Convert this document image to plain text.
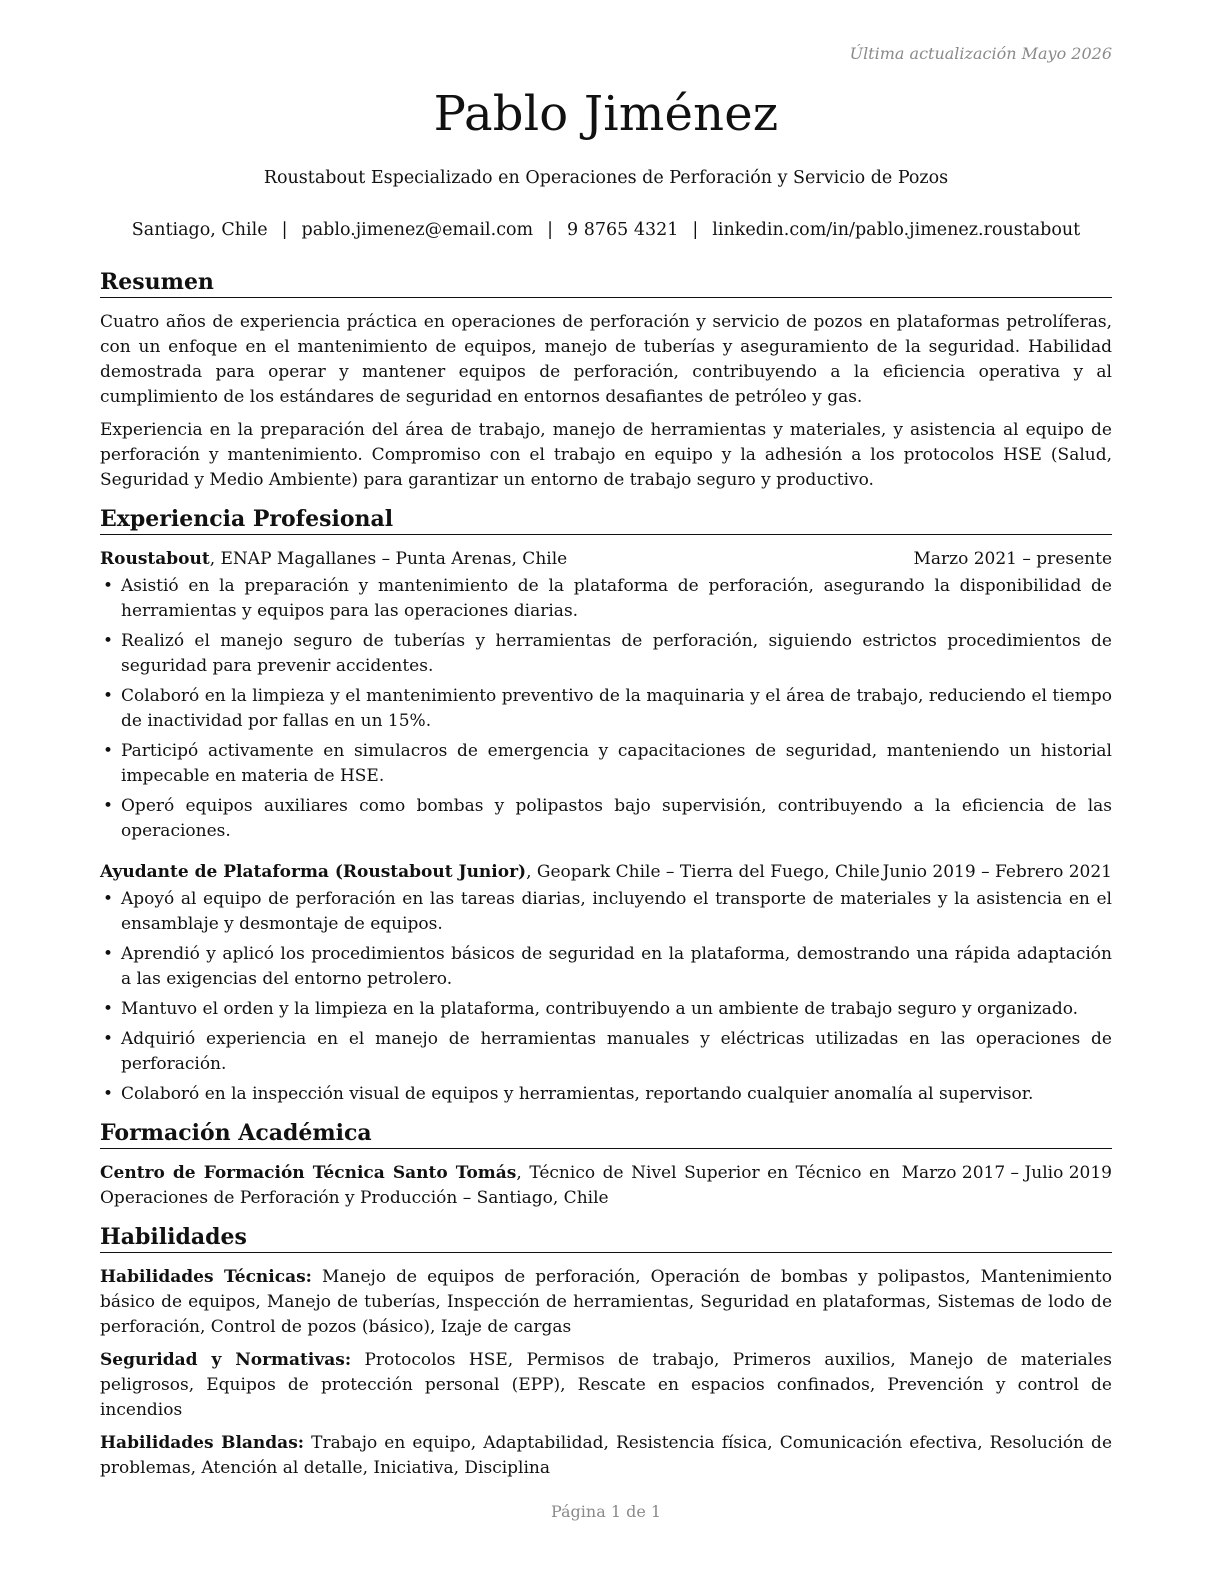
Última actualización Mayo 2026
Pablo Jiménez
Roustabout Especializado en Operaciones de Perforación y Servicio de Pozos
Santiago, Chile | pablo.jimenez@email.com | 9 8765 4321 | linkedin.com/in/pablo.jimenez.roustabout
Resumen

Cuatro años de experiencia práctica en operaciones de perforación y servicio de pozos en plataformas petrolíferas, con un enfoque en el mantenimiento de equipos, manejo de tuberías y aseguramiento de la seguridad. Habilidad demostrada para operar y mantener equipos de perforación, contribuyendo a la eficiencia operativa y al cumplimiento de los estándares de seguridad en entornos desafiantes de petróleo y gas.

Experiencia en la preparación del área de trabajo, manejo de herramientas y materiales, y asistencia al equipo de perforación y mantenimiento. Compromiso con el trabajo en equipo y la adhesión a los protocolos HSE (Salud, Seguridad y Medio Ambiente) para garantizar un entorno de trabajo seguro y productivo.

Experiencia Profesional
Roustabout, ENAP Magallanes – Punta Arenas, Chile	Marzo 2021 – presente
• Asistió en la preparación y mantenimiento de la plataforma de perforación, asegurando la disponibilidad de herramientas y equipos para las operaciones diarias.
• Realizó el manejo seguro de tuberías y herramientas de perforación, siguiendo estrictos procedimientos de seguridad para prevenir accidentes.
• Colaboró en la limpieza y el mantenimiento preventivo de la maquinaria y el área de trabajo, reduciendo el tiempo de inactividad por fallas en un 15%.
• Participó activamente en simulacros de emergencia y capacitaciones de seguridad, manteniendo un historial impecable en materia de HSE.
• Operó equipos auxiliares como bombas y polipastos bajo supervisión, contribuyendo a la eficiencia de las operaciones.
Ayudante de Plataforma (Roustabout Junior), Geopark Chile – Tierra del Fuego, Chile Junio 2019 – Febrero 2021
• Apoyó al equipo de perforación en las tareas diarias, incluyendo el transporte de materiales y la asistencia en el ensamblaje y desmontaje de equipos.
• Aprendió y aplicó los procedimientos básicos de seguridad en la plataforma, demostrando una rápida adaptación a las exigencias del entorno petrolero.
• Mantuvo el orden y la limpieza en la plataforma, contribuyendo a un ambiente de trabajo seguro y organizado.
• Adquirió experiencia en el manejo de herramientas manuales y eléctricas utilizadas en las operaciones de perforación.
• Colaboró en la inspección visual de equipos y herramientas, reportando cualquier anomalía al supervisor.
Formación Académica
Centro de Formación Técnica Santo Tomás, Técnico de Nivel Superior en Técnico en Operaciones de Perforación y Producción – Santiago, Chile
Marzo 2017 – Julio 2019
Habilidades

Habilidades Técnicas: Manejo de equipos de perforación, Operación de bombas y polipastos, Mantenimiento básico de equipos, Manejo de tuberías, Inspección de herramientas, Seguridad en plataformas, Sistemas de lodo de perforación, Control de pozos (básico), Izaje de cargas

Seguridad y Normativas: Protocolos HSE, Permisos de trabajo, Primeros auxilios, Manejo de materiales peligrosos, Equipos de protección personal (EPP), Rescate en espacios confinados, Prevención y control de incendios

Habilidades Blandas: Trabajo en equipo, Adaptabilidad, Resistencia física, Comunicación efectiva, Resolución de problemas, Atención al detalle, Iniciativa, Disciplina

Página 1 de 1
